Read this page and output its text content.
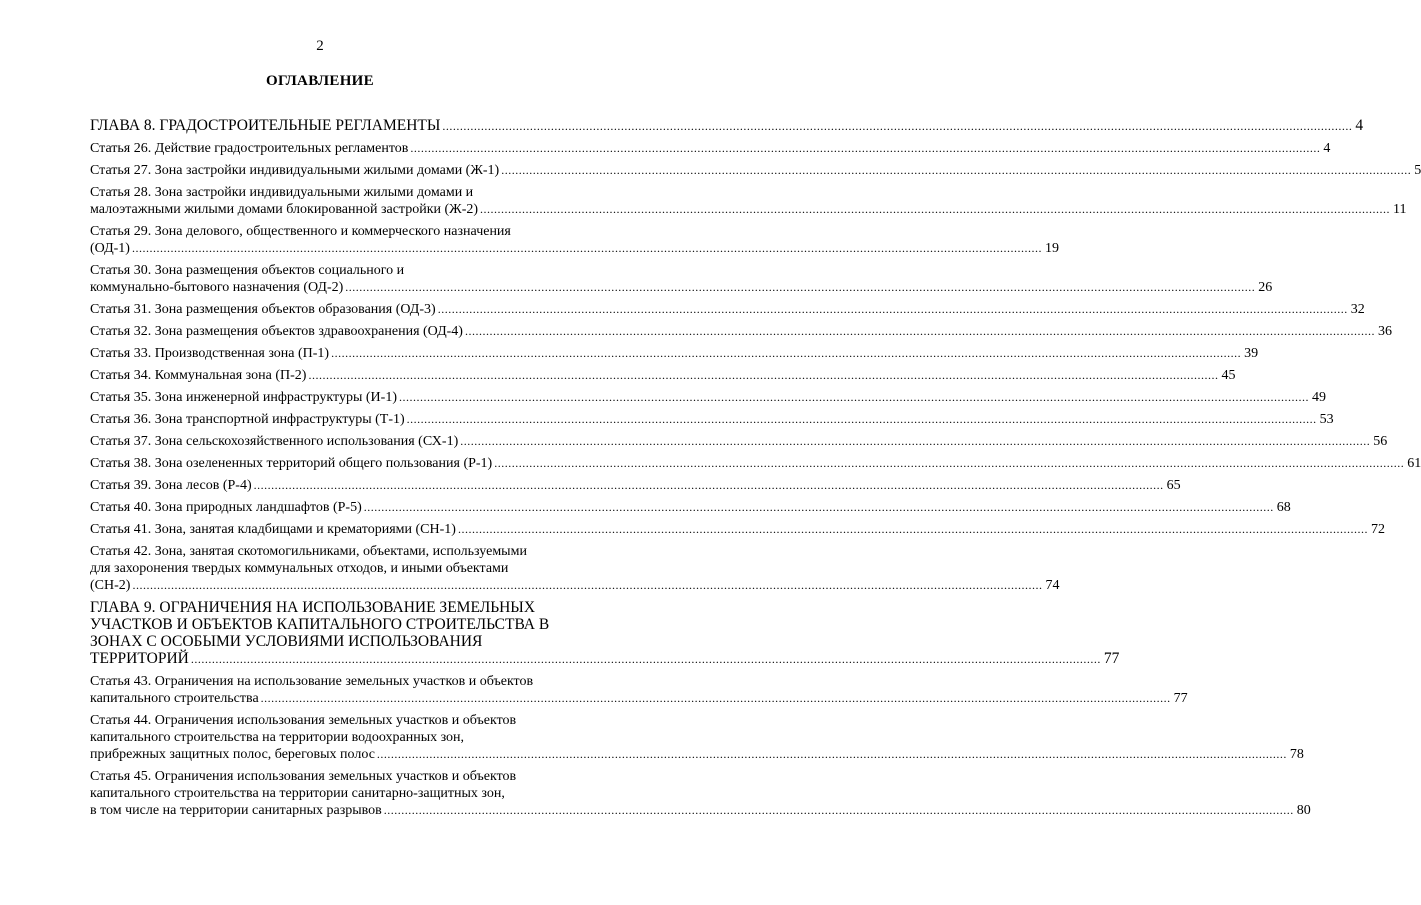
2
ОГЛАВЛЕНИЕ
ГЛАВА 8. ГРАДОСТРОИТЕЛЬНЫЕ РЕГЛАМЕНТЫ .................................................................................................................................................................................................................................................................... 4
Статья 26. Действие градостроительных регламентов .................................................................................................................................................................................................................................................................... 4
Статья 27. Зона застройки индивидуальными жилыми домами (Ж-1) .................................................................................................................................................................................................................................................................... 5
Статья 28. Зона застройки индивидуальными жилыми домами и
малоэтажными жилыми домами блокированной застройки (Ж-2) .................................................................................................................................................................................................................................................................... 11
Статья 29. Зона делового, общественного и коммерческого назначения
(ОД-1) .................................................................................................................................................................................................................................................................... 19
Статья 30. Зона размещения объектов социального и
коммунально-бытового назначения (ОД-2) .................................................................................................................................................................................................................................................................... 26
Статья 31. Зона размещения объектов образования (ОД-3) .................................................................................................................................................................................................................................................................... 32
Статья 32. Зона размещения объектов здравоохранения (ОД-4) .................................................................................................................................................................................................................................................................... 36
Статья 33. Производственная зона (П-1) .................................................................................................................................................................................................................................................................... 39
Статья 34. Коммунальная зона (П-2) .................................................................................................................................................................................................................................................................... 45
Статья 35. Зона инженерной инфраструктуры (И-1) .................................................................................................................................................................................................................................................................... 49
Статья 36. Зона транспортной инфраструктуры (Т-1) .................................................................................................................................................................................................................................................................... 53
Статья 37. Зона сельскохозяйственного использования (СХ-1) .................................................................................................................................................................................................................................................................... 56
Статья 38. Зона озелененных территорий общего пользования (Р-1) .................................................................................................................................................................................................................................................................... 61
Статья 39. Зона лесов (Р-4) .................................................................................................................................................................................................................................................................... 65
Статья 40. Зона природных ландшафтов (Р-5) .................................................................................................................................................................................................................................................................... 68
Статья 41. Зона, занятая кладбищами и крематориями (СН-1) .................................................................................................................................................................................................................................................................... 72
Статья 42. Зона, занятая скотомогильниками, объектами, используемыми
для захоронения твердых коммунальных отходов, и иными объектами
(СН-2) .................................................................................................................................................................................................................................................................... 74
ГЛАВА 9. ОГРАНИЧЕНИЯ НА ИСПОЛЬЗОВАНИЕ ЗЕМЕЛЬНЫХ
УЧАСТКОВ И ОБЪЕКТОВ КАПИТАЛЬНОГО СТРОИТЕЛЬСТВА В
ЗОНАХ С ОСОБЫМИ УСЛОВИЯМИ ИСПОЛЬЗОВАНИЯ
ТЕРРИТОРИЙ .................................................................................................................................................................................................................................................................... 77
Статья 43. Ограничения на использование земельных участков и объектов
капитального строительства .................................................................................................................................................................................................................................................................... 77
Статья 44. Ограничения использования земельных участков и объектов
капитального строительства на территории водоохранных зон,
прибрежных защитных полос, береговых полос .................................................................................................................................................................................................................................................................... 78
Статья 45. Ограничения использования земельных участков и объектов
капитального строительства на территории санитарно-защитных зон,
в том числе на территории санитарных разрывов .................................................................................................................................................................................................................................................................... 80
